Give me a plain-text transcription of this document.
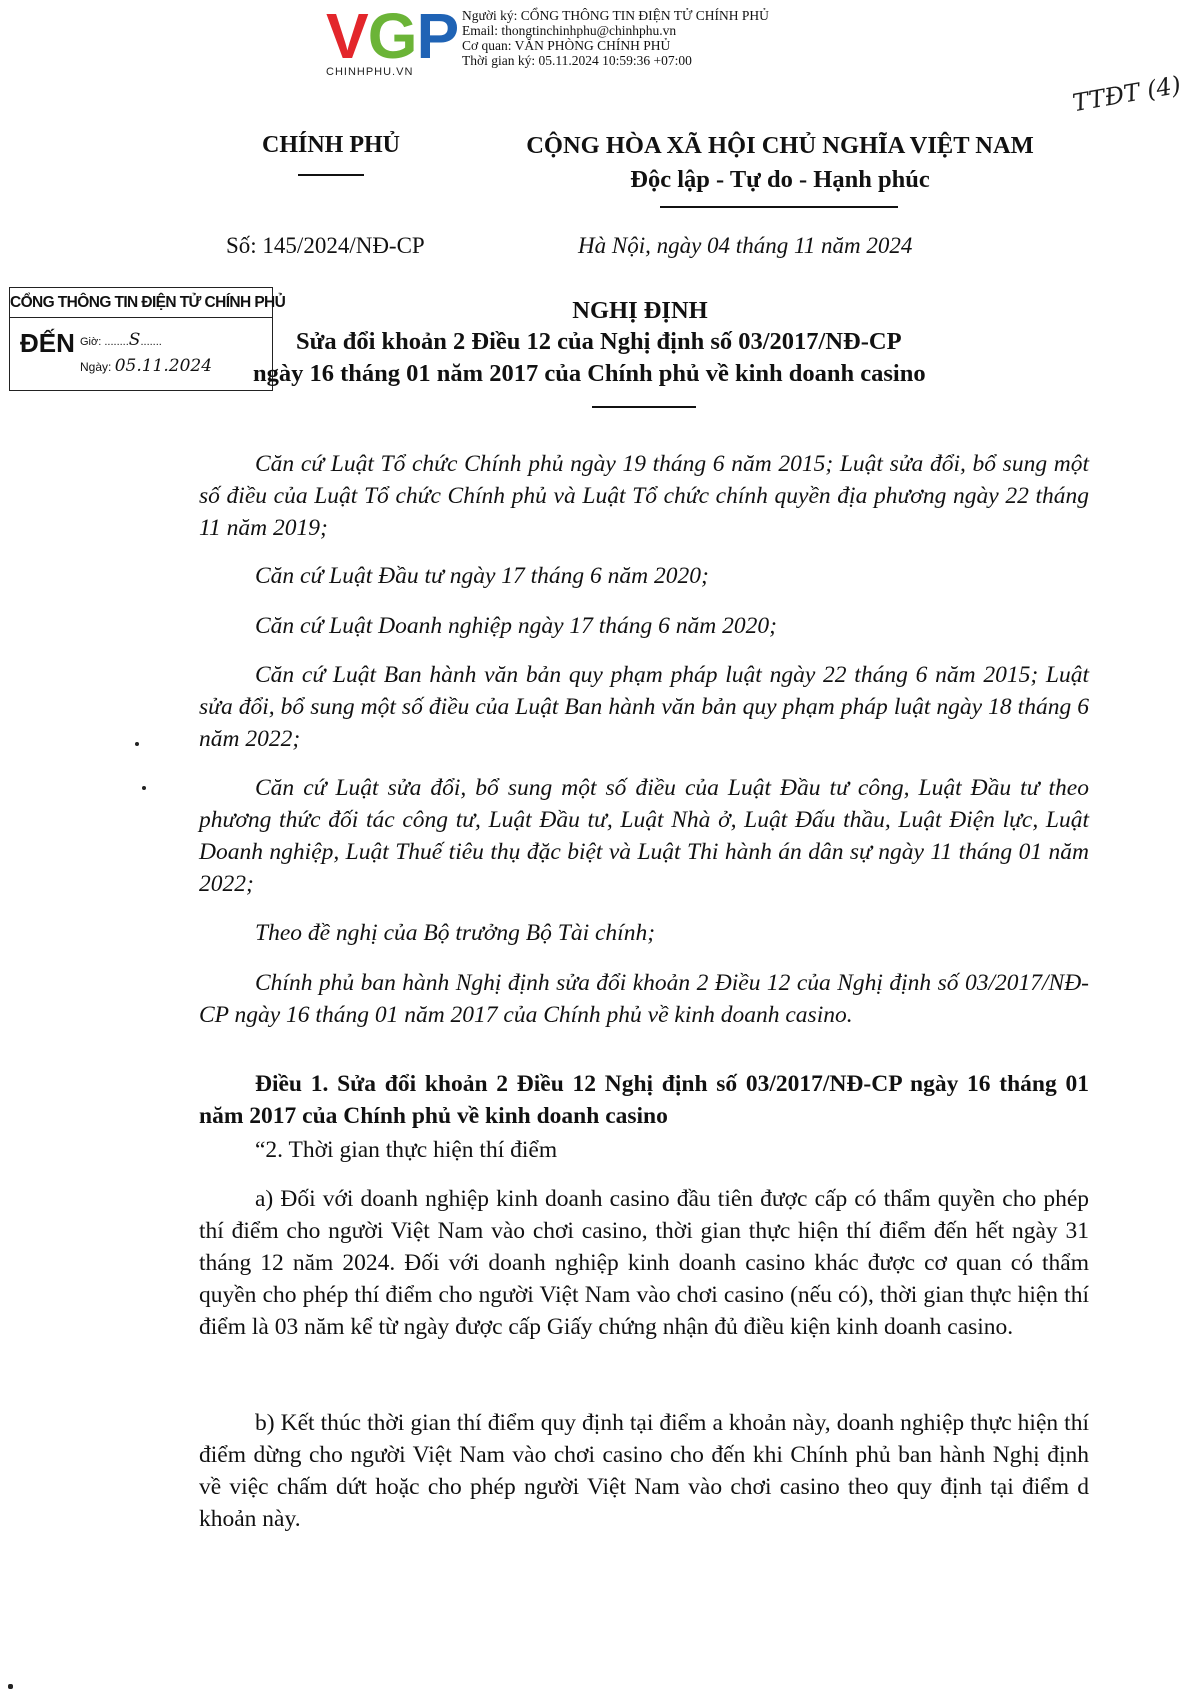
VGP
CHINHPHU.VN
Người ký: CỔNG THÔNG TIN ĐIỆN TỬ CHÍNH PHỦ
Email: thongtinchinhphu@chinhphu.vn
Cơ quan: VĂN PHÒNG CHÍNH PHỦ
Thời gian ký: 05.11.2024 10:59:36 +07:00
TTĐT (4)
CHÍNH PHỦ	CỘNG HÒA XÃ HỘI CHỦ NGHĨA VIỆT NAM
Độc lập - Tự do - Hạnh phúc
Số: 145/2024/NĐ-CP	Hà Nội, ngày 04 tháng 11 năm 2024
CỔNG THÔNG TIN ĐIỆN TỬ CHÍNH PHỦ
ĐẾN Giờ: ........S.......
Ngày: 05.11.2024
NGHỊ ĐỊNH
Sửa đổi khoản 2 Điều 12 của Nghị định số 03/2017/NĐ-CP
ngày 16 tháng 01 năm 2017 của Chính phủ về kinh doanh casino
Căn cứ Luật Tổ chức Chính phủ ngày 19 tháng 6 năm 2015; Luật sửa đổi, bổ sung một số điều của Luật Tổ chức Chính phủ và Luật Tổ chức chính quyền địa phương ngày 22 tháng 11 năm 2019;
Căn cứ Luật Đầu tư ngày 17 tháng 6 năm 2020;
Căn cứ Luật Doanh nghiệp ngày 17 tháng 6 năm 2020;
Căn cứ Luật Ban hành văn bản quy phạm pháp luật ngày 22 tháng 6 năm 2015; Luật sửa đổi, bổ sung một số điều của Luật Ban hành văn bản quy phạm pháp luật ngày 18 tháng 6 năm 2022;
Căn cứ Luật sửa đổi, bổ sung một số điều của Luật Đầu tư công, Luật Đầu tư theo phương thức đối tác công tư, Luật Đầu tư, Luật Nhà ở, Luật Đấu thầu, Luật Điện lực, Luật Doanh nghiệp, Luật Thuế tiêu thụ đặc biệt và Luật Thi hành án dân sự ngày 11 tháng 01 năm 2022;
Theo đề nghị của Bộ trưởng Bộ Tài chính;
Chính phủ ban hành Nghị định sửa đổi khoản 2 Điều 12 của Nghị định số 03/2017/NĐ-CP ngày 16 tháng 01 năm 2017 của Chính phủ về kinh doanh casino.
Điều 1. Sửa đổi khoản 2 Điều 12 Nghị định số 03/2017/NĐ-CP ngày 16 tháng 01 năm 2017 của Chính phủ về kinh doanh casino
“2. Thời gian thực hiện thí điểm
a) Đối với doanh nghiệp kinh doanh casino đầu tiên được cấp có thẩm quyền cho phép thí điểm cho người Việt Nam vào chơi casino, thời gian thực hiện thí điểm đến hết ngày 31 tháng 12 năm 2024. Đối với doanh nghiệp kinh doanh casino khác được cơ quan có thẩm quyền cho phép thí điểm cho người Việt Nam vào chơi casino (nếu có), thời gian thực hiện thí điểm là 03 năm kể từ ngày được cấp Giấy chứng nhận đủ điều kiện kinh doanh casino.
b) Kết thúc thời gian thí điểm quy định tại điểm a khoản này, doanh nghiệp thực hiện thí điểm dừng cho người Việt Nam vào chơi casino cho đến khi Chính phủ ban hành Nghị định về việc chấm dứt hoặc cho phép người Việt Nam vào chơi casino theo quy định tại điểm d khoản này.
